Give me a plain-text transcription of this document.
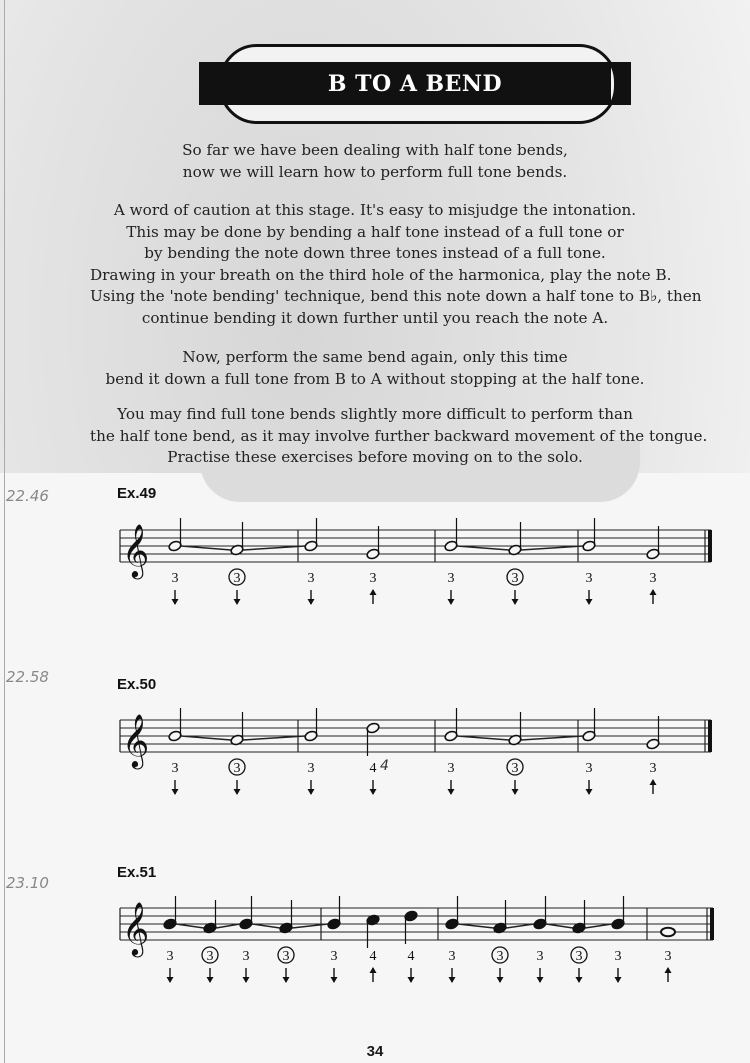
B TO A BEND
So far we have been dealing with half tone bends,
now we will learn how to perform full tone bends.
A word of caution at this stage. It's easy to misjudge the intonation.
This may be done by bending a half tone instead of a full tone or
by bending the note down three tones instead of a full tone.
Drawing in your breath on the third hole of the harmonica, play the note B.
Using the 'note bending' technique, bend this note down a half tone to B♭, then
continue bending it down further until you reach the note A.
Now, perform the same bend again, only this time
bend it down a full tone from B to A without stopping at the half tone.
You may find full tone bends slightly more difficult to perform than
the half tone bend, as it may involve further backward movement of the tongue.
Practise these exercises before moving on to the solo.
22.46
22.58
23.10
Ex.49
Ex.50
Ex.51
𝄞
3	3	3	3	3	3	3	3
𝄞
3	3	3	4 4	3	3	3	3
𝄞
3 3 3 3	3 4 4 3	3 3 3 3	3
34
